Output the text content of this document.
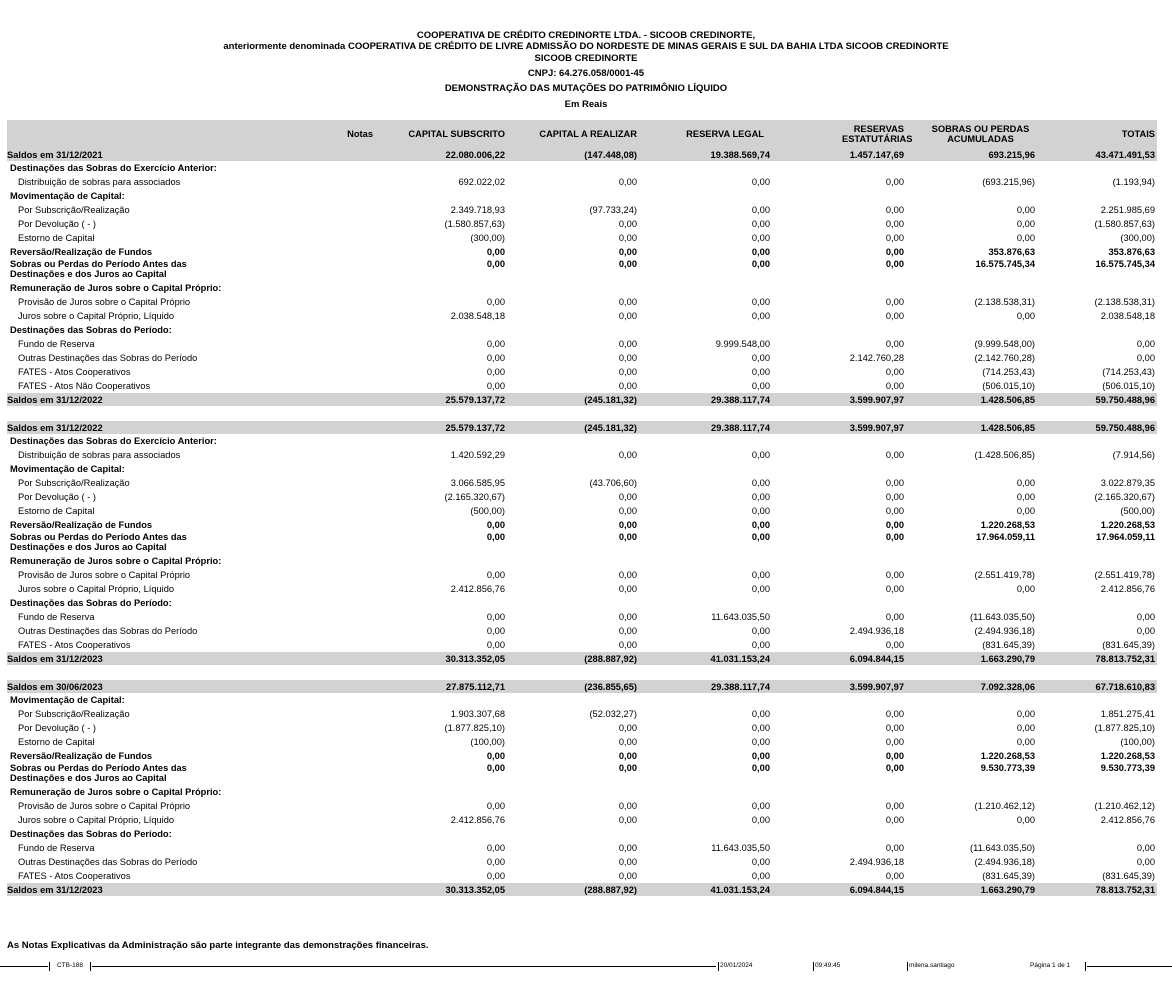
COOPERATIVA DE CRÉDITO CREDINORTE LTDA. - SICOOB CREDINORTE,
anteriormente denominada COOPERATIVA DE CRÉDITO DE LIVRE ADMISSÃO DO NORDESTE DE MINAS GERAIS E SUL DA BAHIA LTDA SICOOB CREDINORTE
SICOOB CREDINORTE
CNPJ: 64.276.058/0001-45
DEMONSTRAÇÃO DAS MUTAÇÕES DO PATRIMÔNIO LÍQUIDO
Em Reais
	Notas	CAPITAL SUBSCRITO	CAPITAL A REALIZAR	RESERVA LEGAL	RESERVAS ESTATUTÁRIAS	SOBRAS OU PERDAS ACUMULADAS	TOTAIS
Saldos em 31/12/2021		22.080.006,22	(147.448,08)	19.388.569,74	1.457.147,69	693.215,96	43.471.491,53
Destinações das Sobras do Exercício Anterior:							
Distribuição de sobras para associados		692.022,02	0,00	0,00	0,00	(693.215,96)	(1.193,94)
Movimentação de Capital:							
Por Subscrição/Realização		2.349.718,93	(97.733,24)	0,00	0,00	0,00	2.251.985,69
Por Devolução ( - )		(1.580.857,63)	0,00	0,00	0,00	0,00	(1.580.857,63)
Estorno de Capital		(300,00)	0,00	0,00	0,00	0,00	(300,00)
Reversão/Realização de Fundos		0,00	0,00	0,00	0,00	353.876,63	353.876,63
Sobras ou Perdas do Período Antes das Destinações e dos Juros ao Capital		0,00	0,00	0,00	0,00	16.575.745,34	16.575.745,34
Remuneração de Juros sobre o Capital Próprio:							
Provisão de Juros sobre o Capital Próprio		0,00	0,00	0,00	0,00	(2.138.538,31)	(2.138.538,31)
Juros sobre o Capital Próprio, Líquido		2.038.548,18	0,00	0,00	0,00	0,00	2.038.548,18
Destinações das Sobras do Período:							
Fundo de Reserva		0,00	0,00	9.999.548,00	0,00	(9.999.548,00)	0,00
Outras Destinações das Sobras do Período		0,00	0,00	0,00	2.142.760,28	(2.142.760,28)	0,00
FATES - Atos Cooperativos		0,00	0,00	0,00	0,00	(714.253,43)	(714.253,43)
FATES - Atos Não Cooperativos		0,00	0,00	0,00	0,00	(506.015,10)	(506.015,10)
Saldos em 31/12/2022		25.579.137,72	(245.181,32)	29.388.117,74	3.599.907,97	1.428.506,85	59.750.488,96

Saldos em 31/12/2022		25.579.137,72	(245.181,32)	29.388.117,74	3.599.907,97	1.428.506,85	59.750.488,96
Destinações das Sobras do Exercício Anterior:							
Distribuição de sobras para associados		1.420.592,29	0,00	0,00	0,00	(1.428.506,85)	(7.914,56)
Movimentação de Capital:							
Por Subscrição/Realização		3.066.585,95	(43.706,60)	0,00	0,00	0,00	3.022.879,35
Por Devolução ( - )		(2.165.320,67)	0,00	0,00	0,00	0,00	(2.165.320,67)
Estorno de Capital		(500,00)	0,00	0,00	0,00	0,00	(500,00)
Reversão/Realização de Fundos		0,00	0,00	0,00	0,00	1.220.268,53	1.220.268,53
Sobras ou Perdas do Período Antes das Destinações e dos Juros ao Capital		0,00	0,00	0,00	0,00	17.964.059,11	17.964.059,11
Remuneração de Juros sobre o Capital Próprio:							
Provisão de Juros sobre o Capital Próprio		0,00	0,00	0,00	0,00	(2.551.419,78)	(2.551.419,78)
Juros sobre o Capital Próprio, Líquido		2.412.856,76	0,00	0,00	0,00	0,00	2.412.856,76
Destinações das Sobras do Período:							
Fundo de Reserva		0,00	0,00	11.643.035,50	0,00	(11.643.035,50)	0,00
Outras Destinações das Sobras do Período		0,00	0,00	0,00	2.494.936,18	(2.494.936,18)	0,00
FATES - Atos Cooperativos		0,00	0,00	0,00	0,00	(831.645,39)	(831.645,39)
Saldos em 31/12/2023		30.313.352,05	(288.887,92)	41.031.153,24	6.094.844,15	1.663.290,79	78.813.752,31

Saldos em 30/06/2023		27.875.112,71	(236.855,65)	29.388.117,74	3.599.907,97	7.092.328,06	67.718.610,83
Movimentação de Capital:							
Por Subscrição/Realização		1.903.307,68	(52.032,27)	0,00	0,00	0,00	1.851.275,41
Por Devolução ( - )		(1.877.825,10)	0,00	0,00	0,00	0,00	(1.877.825,10)
Estorno de Capital		(100,00)	0,00	0,00	0,00	0,00	(100,00)
Reversão/Realização de Fundos		0,00	0,00	0,00	0,00	1.220.268,53	1.220.268,53
Sobras ou Perdas do Período Antes das Destinações e dos Juros ao Capital		0,00	0,00	0,00	0,00	9.530.773,39	9.530.773,39
Remuneração de Juros sobre o Capital Próprio:							
Provisão de Juros sobre o Capital Próprio		0,00	0,00	0,00	0,00	(1.210.462,12)	(1.210.462,12)
Juros sobre o Capital Próprio, Líquido		2.412.856,76	0,00	0,00	0,00	0,00	2.412.856,76
Destinações das Sobras do Período:							
Fundo de Reserva		0,00	0,00	11.643.035,50	0,00	(11.643.035,50)	0,00
Outras Destinações das Sobras do Período		0,00	0,00	0,00	2.494.936,18	(2.494.936,18)	0,00
FATES - Atos Cooperativos		0,00	0,00	0,00	0,00	(831.645,39)	(831.645,39)
Saldos em 31/12/2023		30.313.352,05	(288.887,92)	41.031.153,24	6.094.844,15	1.663.290,79	78.813.752,31
As Notas Explicativas da Administração são parte integrante das demonstrações financeiras.
CTB-188	20/01/2024	09:49:45	milena.santiago	Página 1 de 1
